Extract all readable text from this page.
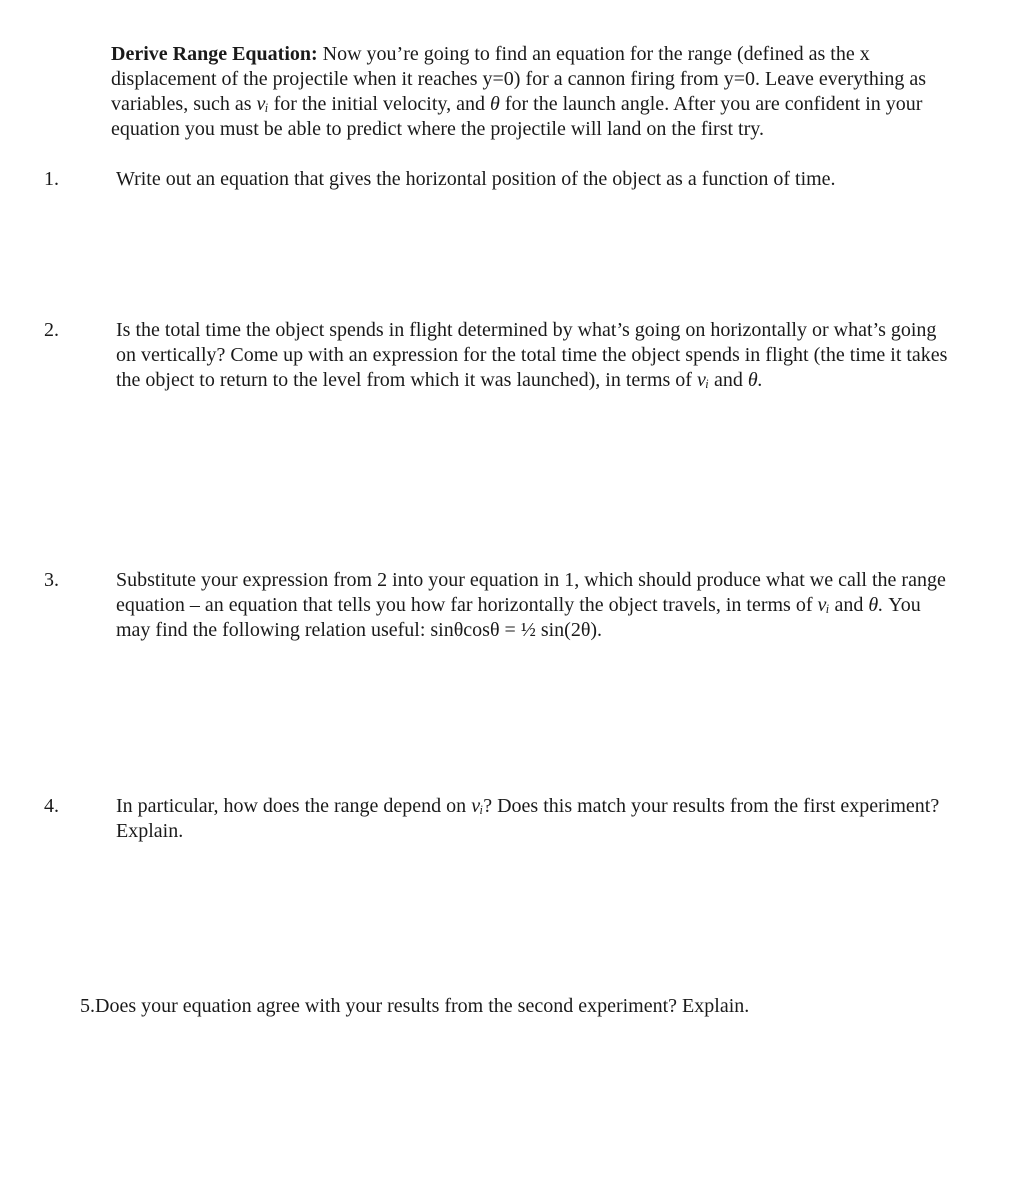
Derive Range Equation: Now you’re going to find an equation for the range (defined as the x displacement of the projectile when it reaches y=0) for a cannon firing from y=0. Leave everything as variables, such as vᵢ for the initial velocity, and θ for the launch angle. After you are confident in your equation you must be able to predict where the projectile will land on the first try.
1.	Write out an equation that gives the horizontal position of the object as a function of time.
2.	Is the total time the object spends in flight determined by what’s going on horizontally or what’s going on vertically? Come up with an expression for the total time the object spends in flight (the time it takes the object to return to the level from which it was launched), in terms of vᵢ and θ.
3.	Substitute your expression from 2 into your equation in 1, which should produce what we call the range equation – an equation that tells you how far horizontally the object travels, in terms of vᵢ and θ. You may find the following relation useful: sinθcosθ = ½ sin(2θ).
4.	In particular, how does the range depend on vᵢ? Does this match your results from the first experiment? Explain.
5.Does your equation agree with your results from the second experiment? Explain.
